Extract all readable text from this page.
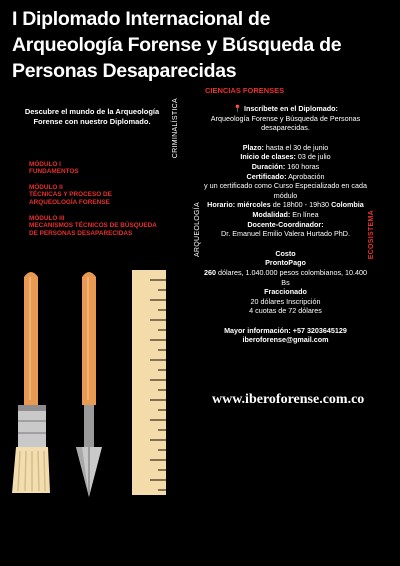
I Diplomado Internacional de
Arqueología Forense y Búsqueda de
Personas Desaparecidas
Descubre el mundo de la Arqueología Forense con nuestro Diplomado.	CRIMINALÍSTICA
ARQUEOLOGÍA	ECOSISTEMA
MÓDULO I
FUNDAMENTOS
MÓDULO II
TÉCNICAS Y PROCESO DE ARQUEOLOGÍA FORENSE
MÓDULO III
MECANISMOS TÉCNICOS DE BÚSQUEDA DE PERSONAS DESAPARECIDAS
CIENCIAS FORENSES
📍 Inscríbete en el Diplomado:
Arqueología Forense y Búsqueda de Personas desaparecidas.
Plazo: hasta el 30 de junio
Inicio de clases: 03 de julio
Duración: 160 horas
Certificado: Aprobación
y un certificado como Curso Especializado en cada módulo
Horario: miércoles de 18h00 - 19h30 Colombia
Modalidad: En línea
Docente-Coordinador:
Dr. Emanuel Emilio Valera Hurtado PhD.
Costo
ProntoPago
260 dólares, 1.040.000 pesos colombianos, 10.400 Bs
Fraccionado
20 dólares Inscripción
4 cuotas de 72 dólares
Mayor información: +57 3203645129
iberoforense@gmail.com
www.iberoforense.com.co
